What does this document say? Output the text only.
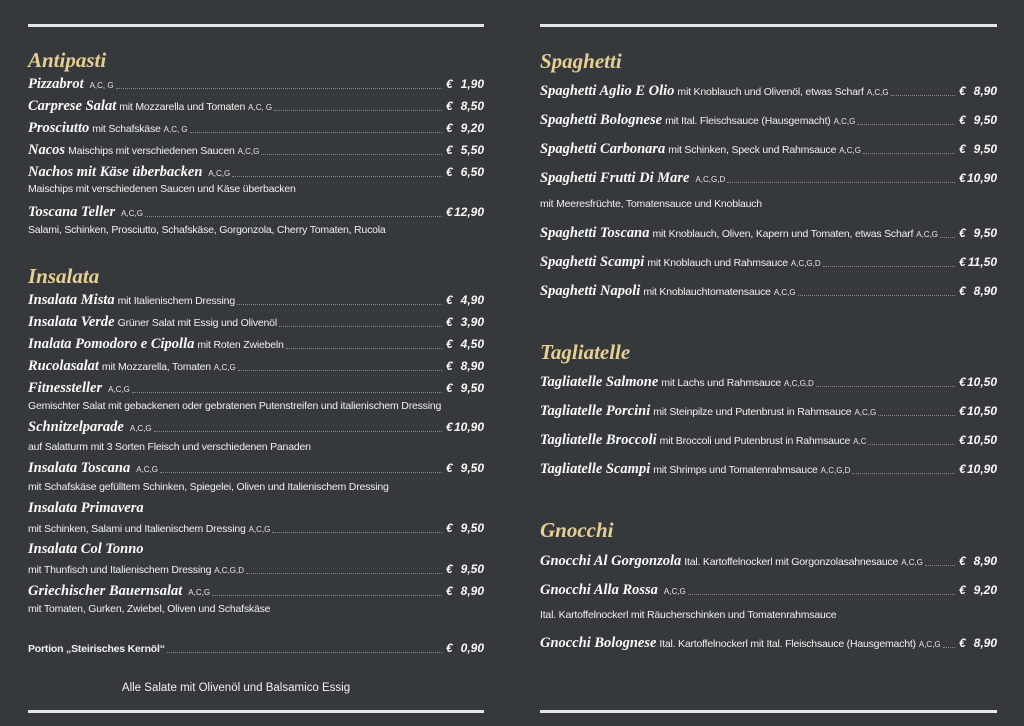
Antipasti
Pizzabrot A,C, G	€ 1,90
Carprese Salat mit Mozzarella und Tomaten A,C, G	€ 8,50
Prosciutto mit Schafskäse A,C, G	€ 9,20
Nacos Maischips mit verschiedenen Saucen A,C,G	€ 5,50
Nachos mit Käse überbacken A,C,G	€ 6,50
Maischips mit verschiedenen Saucen und Käse überbacken
Toscana Teller A,C,G	€ 12,90
Salami, Schinken, Prosciutto, Schafskäse, Gorgonzola, Cherry Tomaten, Rucola
Insalata
Insalata Mista mit Italienischem Dressing	€ 4,90
Insalata Verde Grüner Salat mit Essig und Olivenöl	€ 3,90
Inalata Pomodoro e Cipolla mit Roten Zwiebeln	€ 4,50
Rucolasalat mit Mozzarella, Tomaten A,C,G	€ 8,90
Fitnessteller A,C,G	€ 9,50
Gemischter Salat mit gebackenen oder gebratenen Putenstreifen und italienischem Dressing
Schnitzelparade A,C,G	€ 10,90
auf Salatturm mit 3 Sorten Fleisch und verschiedenen Panaden
Insalata Toscana A,C,G	€ 9,50
mit Schafskäse gefülltem Schinken, Spiegelei, Oliven und Italienischem Dressing
Insalata Primavera
mit Schinken, Salami und Italienischem Dressing A,C,G	€ 9,50
Insalata Col Tonno
mit Thunfisch und Italienischem Dressing A,C,G,D	€ 9,50
Griechischer Bauernsalat A,C,G	€ 8,90
mit Tomaten, Gurken, Zwiebel, Oliven und Schafskäse
Portion „Steirisches Kernöl“	€ 0,90
Alle Salate mit Olivenöl und Balsamico Essig
Spaghetti
Spaghetti Aglio E Olio mit Knoblauch und Olivenöl, etwas Scharf A,C,G	€ 8,90
Spaghetti Bolognese mit Ital. Fleischsauce (Hausgemacht) A,C,G	€ 9,50
Spaghetti Carbonara mit Schinken, Speck und Rahmsauce A,C,G	€ 9,50
Spaghetti Frutti Di Mare A,C,G,D	€ 10,90
mit Meeresfrüchte, Tomatensauce und Knoblauch
Spaghetti Toscana mit Knoblauch, Oliven, Kapern und Tomaten, etwas Scharf A,C,G € 9,50
Spaghetti Scampi mit Knoblauch und Rahmsauce A,C,G,D	€ 11,50
Spaghetti Napoli mit Knoblauchtomatensauce A,C,G	€ 8,90
Tagliatelle
Tagliatelle Salmone mit Lachs und Rahmsauce A,C,G,D	€ 10,50
Tagliatelle Porcini mit Steinpilze und Putenbrust in Rahmsauce A,C,G	€ 10,50
Tagliatelle Broccoli mit Broccoli und Putenbrust in Rahmsauce A,C	€ 10,50
Tagliatelle Scampi mit Shrimps und Tomatenrahmsauce A,C,G,D	€ 10,90
Gnocchi
Gnocchi Al Gorgonzola Ital. Kartoffelnockerl mit Gorgonzolasahnesauce A,C,G	€ 8,90
Gnocchi Alla Rossa A,C,G	€ 9,20
Ital. Kartoffelnockerl mit Räucherschinken und Tomatenrahmsauce
Gnocchi Bolognese Ital. Kartoffelnockerl mit Ital. Fleischsauce (Hausgemacht) A,C,G € 8,90
